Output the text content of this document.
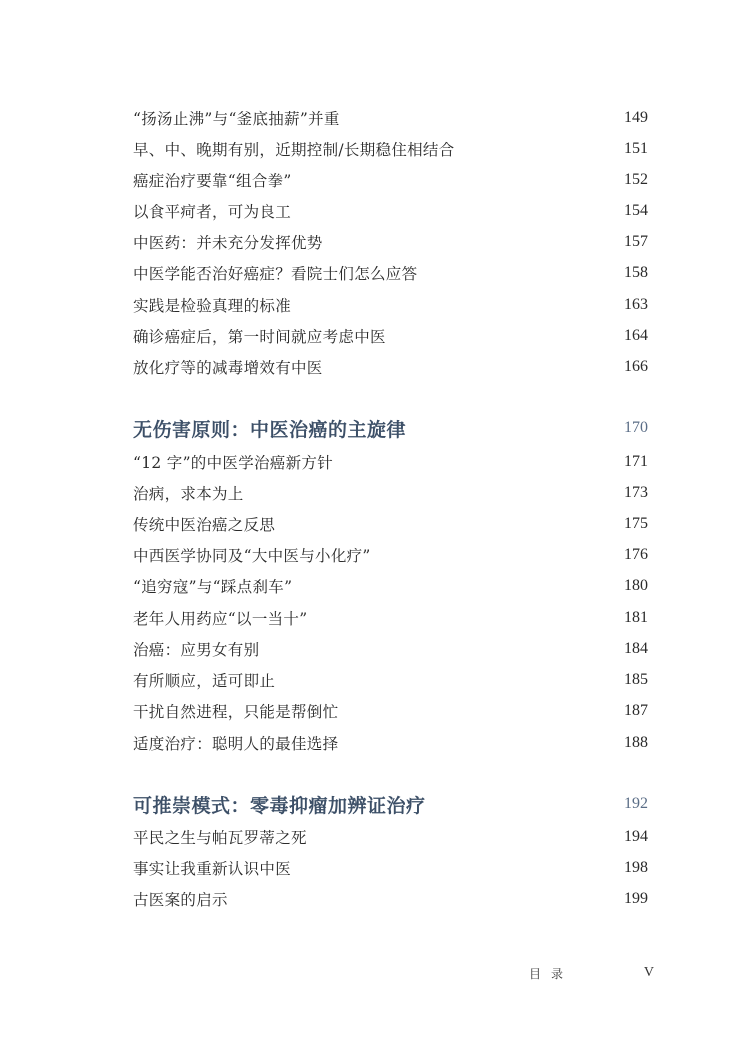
“扬汤止沸”与“釜底抽薪”并重	149
早、中、晚期有别，近期控制/长期稳住相结合	151
癌症治疗要靠“组合拳”	152
以食平疴者，可为良工	154
中医药：并未充分发挥优势	157
中医学能否治好癌症？看院士们怎么应答	158
实践是检验真理的标准	163
确诊癌症后，第一时间就应考虑中医	164
放化疗等的减毒增效有中医	166
无伤害原则：中医治癌的主旋律	170
“12 字”的中医学治癌新方针	171
治病，求本为上	173
传统中医治癌之反思	175
中西医学协同及“大中医与小化疗”	176
“追穷寇”与“踩点刹车”	180
老年人用药应“以一当十”	181
治癌：应男女有别	184
有所顺应，适可即止	185
干扰自然进程，只能是帮倒忙	187
适度治疗：聪明人的最佳选择	188
可推崇模式：零毒抑瘤加辨证治疗	192
平民之生与帕瓦罗蒂之死	194
事实让我重新认识中医	198
古医案的启示	199
目录	V
